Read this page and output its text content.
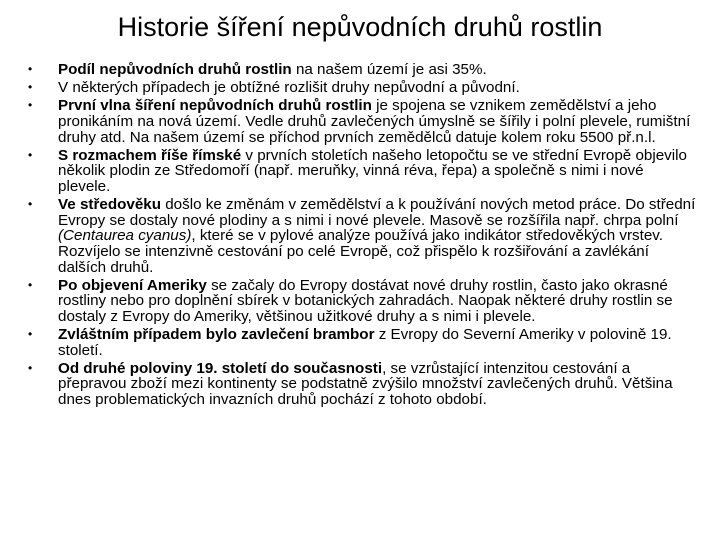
Historie šíření nepůvodních druhů rostlin
• Podíl nepůvodních druhů rostlin na našem území je asi 35%.
• V některých případech je obtížné rozlišit druhy nepůvodní a původní.
• První vlna šíření nepůvodních druhů rostlin je spojena se vznikem zemědělství a jeho pronikáním na nová území. Vedle druhů zavlečených úmyslně se šířily i polní plevele, rumištní druhy atd. Na našem území se příchod prvních zemědělců datuje kolem roku 5500 př.n.l.
• S rozmachem říše římské v prvních stoletích našeho letopočtu se ve střední Evropě objevilo několik plodin ze Středomoří (např. meruňky, vinná réva, řepa) a společně s nimi i nové plevele.
• Ve středověku došlo ke změnám v zemědělství a k používání nových metod práce. Do střední Evropy se dostaly nové plodiny a s nimi i nové plevele. Masově se rozšířila např. chrpa polní (Centaurea cyanus), které se v pylové analýze používá jako indikátor středověkých vrstev. Rozvíjelo se intenzivně cestování po celé Evropě, což přispělo k rozšiřování a zavlékání dalších druhů.
• Po objevení Ameriky se začaly do Evropy dostávat nové druhy rostlin, často jako okrasné rostliny nebo pro doplnění sbírek v botanických zahradách. Naopak některé druhy rostlin se dostaly z Evropy do Ameriky, většinou užitkové druhy a s nimi i plevele.
• Zvláštním případem bylo zavlečení brambor z Evropy do Severní Ameriky v polovině 19. století.
• Od druhé poloviny 19. století do současnosti, se vzrůstající intenzitou cestování a přepravou zboží mezi kontinenty se podstatně zvýšilo množství zavlečených druhů. Většina dnes problematických invazních druhů pochází z tohoto období.
